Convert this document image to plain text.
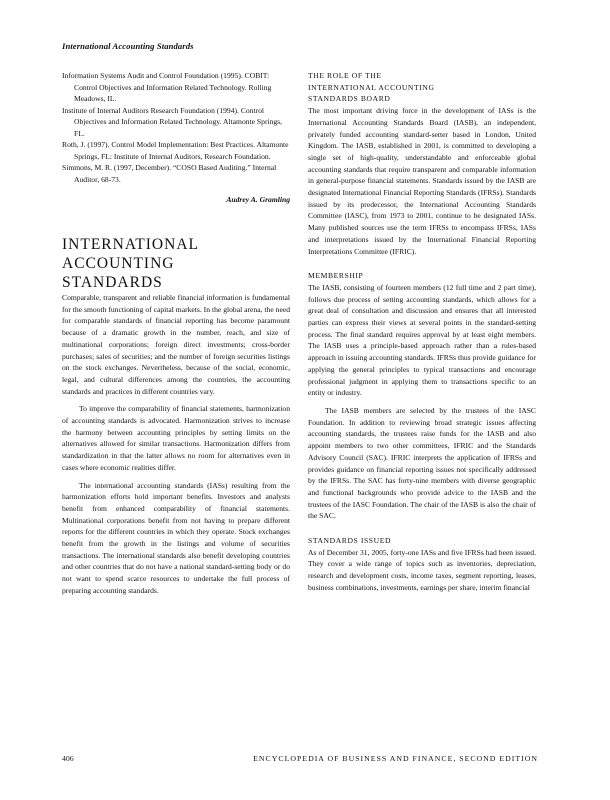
International Accounting Standards
Information Systems Audit and Control Foundation (1995). COBIT: Control Objectives and Information Related Technology. Rolling Meadows, IL.
Institute of Internal Auditors Research Foundation (1994). Control Objectives and Information Related Technology. Altamonte Springs, FL.
Roth, J. (1997). Control Model Implementation: Best Practices. Altamonte Springs, FL: Institute of Internal Auditors, Research Foundation.
Simmons, M. R. (1997, December). “COSO Based Auditing.” Internal Auditor, 68-73.
Audrey A. Gramling
INTERNATIONAL
ACCOUNTING
STANDARDS

Comparable, transparent and reliable financial information is fundamental for the smooth functioning of capital markets. In the global arena, the need for comparable standards of financial reporting has become paramount because of a dramatic growth in the number, reach, and size of multinational corporations; foreign direct investments; cross-border purchases; sales of securities; and the number of foreign securities listings on the stock exchanges. Nevertheless, because of the social, economic, legal, and cultural differences among the countries, the accounting standards and practices in different countries vary.

To improve the comparability of financial statements, harmonization of accounting standards is advocated. Harmonization strives to increase the harmony between accounting principles by setting limits on the alternatives allowed for similar transactions. Harmonization differs from standardization in that the latter allows no room for alternatives even in cases where economic realities differ.

The international accounting standards (IASs) resulting from the harmonization efforts hold important benefits. Investors and analysts benefit from enhanced comparability of financial statements. Multinational corporations benefit from not having to prepare different reports for the different countries in which they operate. Stock exchanges benefit from the growth in the listings and volume of securities transactions. The international standards also benefit developing countries and other countries that do not have a national standard-setting body or do not want to spend scarce resources to undertake the full process of preparing accounting standards.

THE ROLE OF THE
INTERNATIONAL ACCOUNTING
STANDARDS BOARD

The most important driving force in the development of IASs is the International Accounting Standards Board (IASB), an independent, privately funded accounting standard-setter based in London, United Kingdom. The IASB, established in 2001, is committed to developing a single set of high-quality, understandable and enforceable global accounting standards that require transparent and comparable information in general-purpose financial statements. Standards issued by the IASB are designated International Financial Reporting Standards (IFRSs). Standards issued by its predecessor, the International Accounting Standards Committee (IASC), from 1973 to 2001, continue to be designated IASs. Many published sources use the term IFRSs to encompass IFRSs, IASs and interpretations issued by the International Financial Reporting Interpretations Committee (IFRIC).

MEMBERSHIP

The IASB, consisting of fourteen members (12 full time and 2 part time), follows due process of setting accounting standards, which allows for a great deal of consultation and discussion and ensures that all interested parties can express their views at several points in the standard-setting process. The final standard requires approval by at least eight members. The IASB uses a principle-based approach rather than a rules-based approach in issuing accounting standards. IFRSs thus provide guidance for applying the general principles to typical transactions and encourage professional judgment in applying them to transactions specific to an entity or industry.

The IASB members are selected by the trustees of the IASC Foundation. In addition to reviewing broad strategic issues affecting accounting standards, the trustees raise funds for the IASB and also appoint members to two other committees, IFRIC and the Standards Advisory Council (SAC). IFRIC interprets the application of IFRSs and provides guidance on financial reporting issues not specifically addressed by the IFRSs. The SAC has forty-nine members with diverse geographic and functional backgrounds who provide advice to the IASB and the trustees of the IASC Foundation. The chair of the IASB is also the chair of the SAC.

STANDARDS ISSUED

As of December 31, 2005, forty-one IASs and five IFRSs had been issued. They cover a wide range of topics such as inventories, depreciation, research and development costs, income taxes, segment reporting, leases, business combinations, investments, earnings per share, interim financial

406	ENCYCLOPEDIA OF BUSINESS AND FINANCE, SECOND EDITION
